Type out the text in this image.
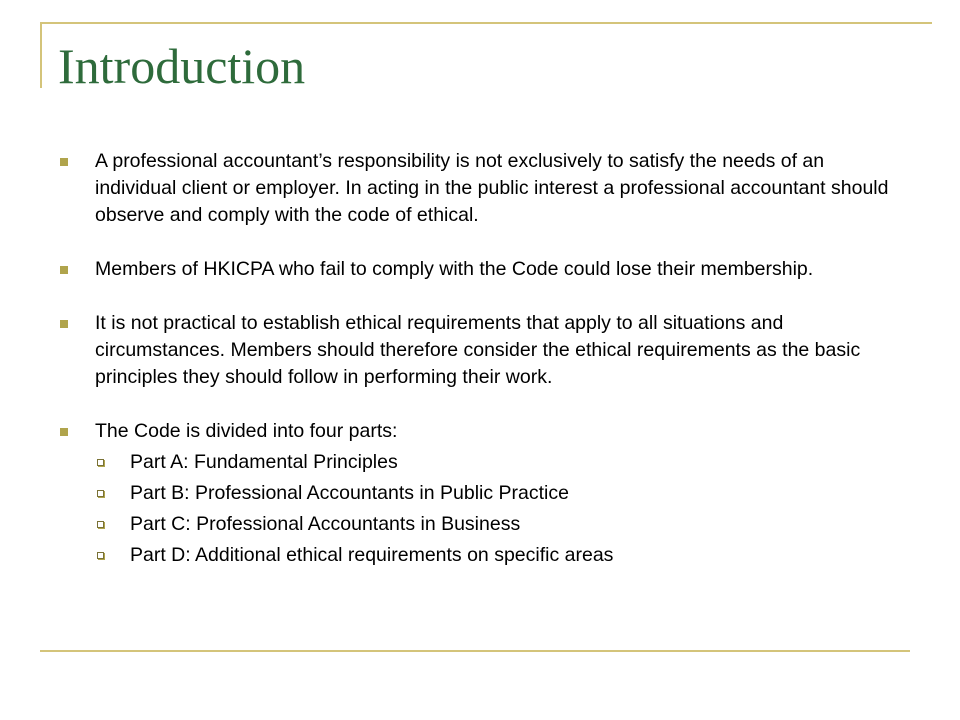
Introduction
A professional accountant’s responsibility is not exclusively to satisfy the needs of an individual client or employer. In acting in the public interest a professional accountant should observe and comply with the code of ethical.
Members of HKICPA who fail to comply with the Code could lose their membership.
It is not practical to establish ethical requirements that apply to all situations and circumstances. Members should therefore consider the ethical requirements as the basic principles they should follow in performing their work.
The Code is divided into four parts:
Part A: Fundamental Principles
Part B: Professional Accountants in Public Practice
Part C: Professional Accountants in Business
Part D: Additional ethical requirements on specific areas
